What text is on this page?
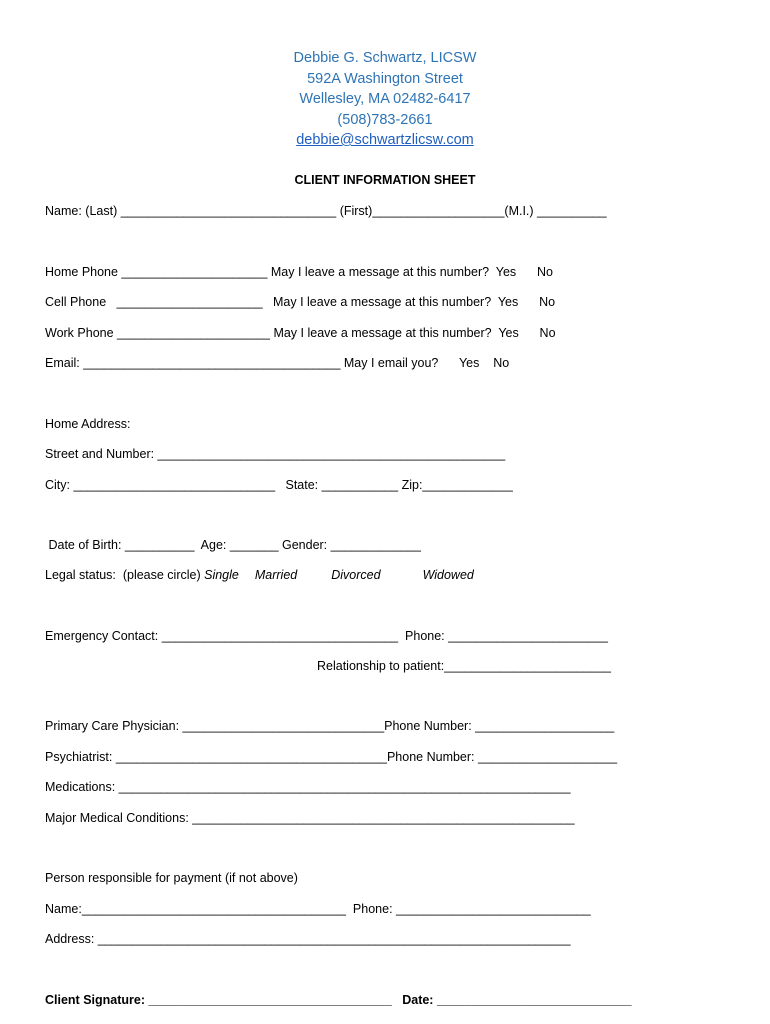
Debbie G. Schwartz, LICSW
592A Washington Street
Wellesley, MA 02482-6417
(508)783-2661
debbie@schwartzlicsw.com
CLIENT INFORMATION SHEET
Name: (Last) _______________________________ (First)___________________(M.I.) __________
Home Phone _____________________ May I leave a message at this number?  Yes      No
Cell Phone   _____________________   May I leave a message at this number?  Yes      No
Work Phone ______________________ May I leave a message at this number?  Yes      No
Email: _____________________________________ May I email you?      Yes    No
Home Address:
Street and Number: __________________________________________________
City: _____________________________   State: ___________ Zip:_____________
Date of Birth: __________  Age: _______ Gender: _____________
Legal status:  (please circle) Single Married	Divorced	Widowed
Emergency Contact: __________________________________  Phone: _______________________
Relationship to patient:________________________
Primary Care Physician: _____________________________Phone Number: ____________________
Psychiatrist: _______________________________________Phone Number: ____________________
Medications: _________________________________________________________________
Major Medical Conditions: _______________________________________________________
Person responsible for payment (if not above)
Name:______________________________________  Phone: ____________________________
Address: ____________________________________________________________________
Client Signature: ___________________________________   Date: ____________________________
